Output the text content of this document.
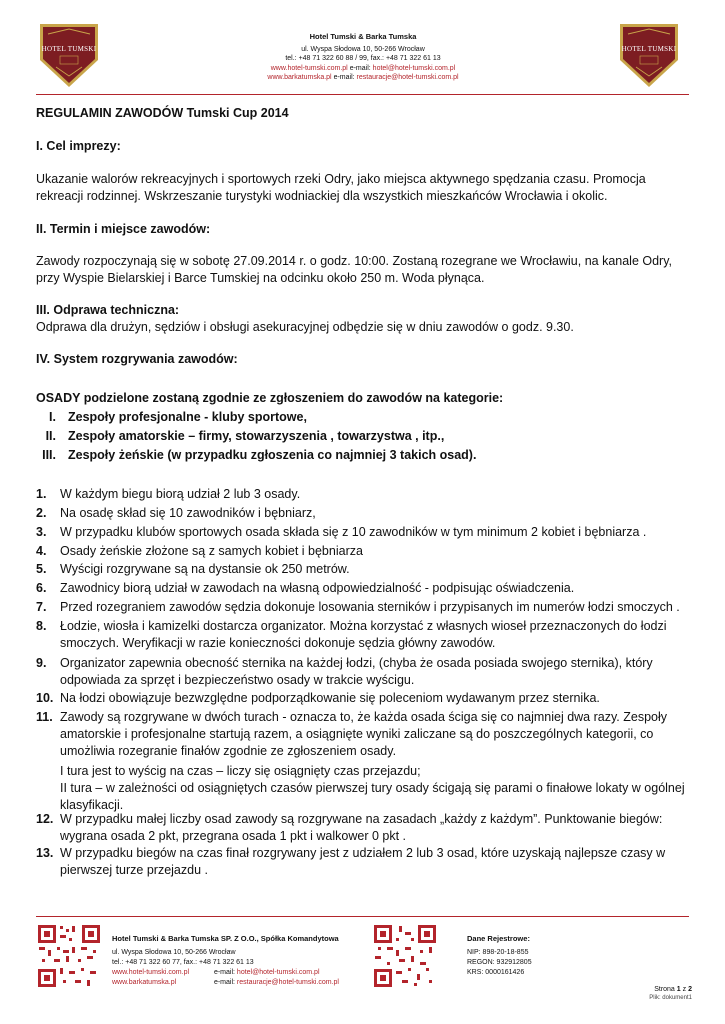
HOTEL TUMSKI	HOTEL TUMSKI
Hotel Tumski & Barka Tumska
ul. Wyspa Słodowa 10, 50-266 Wrocław
tel.: +48 71 322 60 88 / 99, fax.: +48 71 322 61 13
www.hotel-tumski.com.pl e-mail: hotel@hotel-tumski.com.pl
www.barkatumska.pl e-mail: restauracje@hotel-tumski.com.pl
REGULAMIN ZAWODÓW Tumski Cup 2014
I. Cel imprezy:
Ukazanie walorów rekreacyjnych i sportowych rzeki Odry, jako miejsca aktywnego spędzania czasu. Promocja rekreacji rodzinnej. Wskrzeszanie turystyki wodniackiej dla wszystkich mieszkańców Wrocławia i okolic.
II. Termin i miejsce zawodów:
Zawody rozpoczynają się w sobotę 27.09.2014 r. o godz. 10:00. Zostaną rozegrane we Wrocławiu, na kanale Odry, przy Wyspie Bielarskiej i Barce Tumskiej na odcinku około 250 m. Woda płynąca.
III. Odprawa techniczna:
Odprawa dla drużyn, sędziów i obsługi asekuracyjnej odbędzie się w dniu zawodów o godz. 9.30.
IV. System rozgrywania zawodów:
OSADY podzielone zostaną zgodnie ze zgłoszeniem do zawodów na kategorie:
I. Zespoły profesjonalne - kluby sportowe,
II. Zespoły amatorskie – firmy, stowarzyszenia , towarzystwa , itp.,
III. Zespoły żeńskie (w przypadku zgłoszenia co najmniej 3 takich osad).
1. W każdym biegu biorą udział 2 lub 3 osady.
2. Na osadę skład się 10 zawodników i bębniarz,
3. W przypadku klubów sportowych osada składa się z 10 zawodników w tym minimum 2 kobiet i bębniarza .
4. Osady żeńskie złożone są z samych kobiet i bębniarza
5. Wyścigi rozgrywane są na dystansie ok 250 metrów.
6. Zawodnicy biorą udział w zawodach na własną odpowiedzialność - podpisując oświadczenia.
7. Przed rozegraniem zawodów sędzia dokonuje losowania sterników i przypisanych im numerów łodzi smoczych .
8. Łodzie, wiosła i kamizelki dostarcza organizator. Można korzystać z własnych wioseł przeznaczonych do łodzi smoczych. Weryfikacji w razie konieczności dokonuje sędzia główny zawodów.
9. Organizator zapewnia obecność sternika na każdej łodzi, (chyba że osada posiada swojego sternika), który odpowiada za sprzęt i bezpieczeństwo osady w trakcie wyścigu.
10. Na łodzi obowiązuje bezwzględne podporządkowanie się poleceniom wydawanym przez sternika.
11. Zawody są rozgrywane w dwóch turach - oznacza to, że każda osada ściga się co najmniej dwa razy. Zespoły amatorskie i profesjonalne startują razem, a osiągnięte wyniki zaliczane są do poszczególnych kategorii, co umożliwia rozegranie finałów zgodnie ze zgłoszeniem osady.
I tura jest to wyścig na czas – liczy się osiągnięty czas przejazdu;
II tura – w zależności od osiągniętych czasów pierwszej tury osady ścigają się parami o finałowe lokaty w ogólnej klasyfikacji.
12. W przypadku małej liczby osad zawody są rozgrywane na zasadach „każdy z każdym”. Punktowanie biegów: wygrana osada 2 pkt, przegrana osada 1 pkt i walkower 0 pkt .
13. W przypadku biegów na czas finał rozgrywany jest z udziałem 2 lub 3 osad, które uzyskają najlepsze czasy w pierwszej turze przejazdu .
Hotel Tumski & Barka Tumska SP. Z O.O., Spółka Komandytowa
ul. Wyspa Słodowa 10, 50-266 Wrocław
tel.: +48 71 322 60 77, fax.: +48 71 322 61 13
www.hotel-tumski.com.pl	e-mail: hotel@hotel-tumski.com.pl
www.barkatumska.pl	e-mail: restauracje@hotel-tumski.com.pl
Dane Rejestrowe:
NIP: 898-20-18-855
REGON: 932912805
KRS: 0000161426
Strona 1 z 2
Plik: dokument1
